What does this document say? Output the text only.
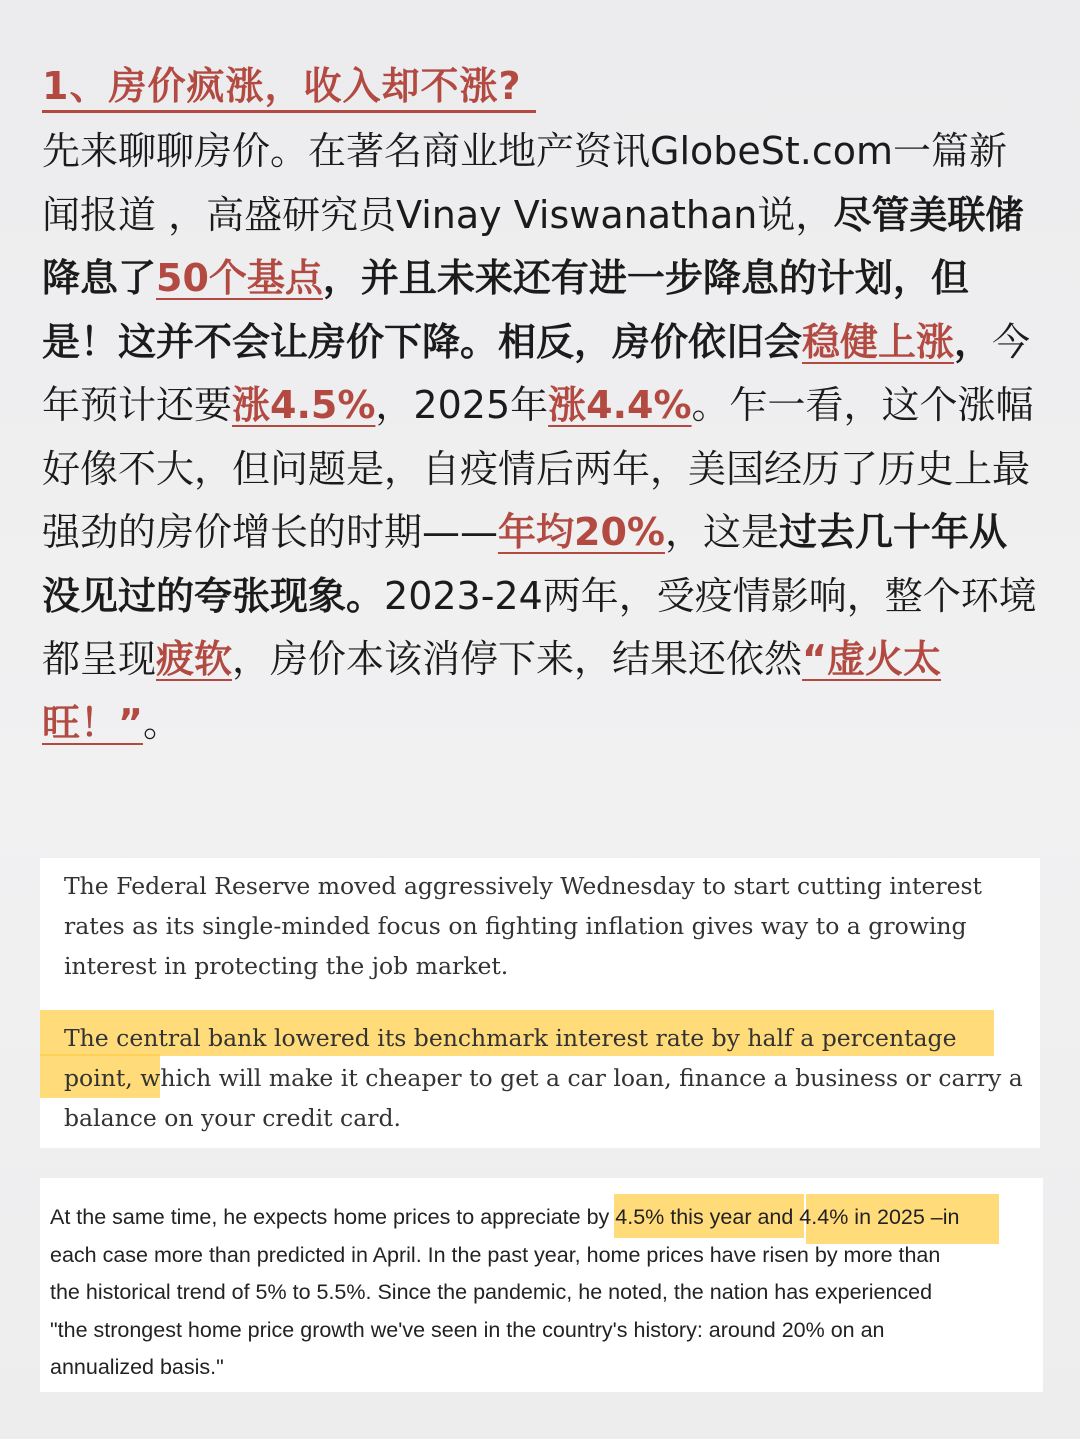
1、房价疯涨，收入却不涨?
先来聊聊房价。在著名商业地产资讯GlobeSt.com一篇新闻报道 ，高盛研究员Vinay Viswanathan说，尽管美联储降息了50个基点，并且未来还有进一步降息的计划，但是！这并不会让房价下降。相反，房价依旧会稳健上涨，今年预计还要涨4.5%，2025年涨4.4%。乍一看，这个涨幅好像不大，但问题是，自疫情后两年，美国经历了历史上最强劲的房价增长的时期——年均20%，这是过去几十年从没见过的夸张现象。2023-24两年，受疫情影响，整个环境都呈现疲软，房价本该消停下来，结果还依然“虚火太旺！”。

The Federal Reserve moved aggressively Wednesday to start cutting interest rates as its single-minded focus on fighting inflation gives way to a growing interest in protecting the job market.

The central bank lowered its benchmark interest rate by half a percentage point, which will make it cheaper to get a car loan, finance a business or carry a balance on your credit card.

At the same time, he expects home prices to appreciate by 4.5% this year and 4.4% in 2025 –in
each case more than predicted in April. In the past year, home prices have risen by more than
the historical trend of 5% to 5.5%. Since the pandemic, he noted, the nation has experienced
"the strongest home price growth we've seen in the country's history: around 20% on an
annualized basis."
